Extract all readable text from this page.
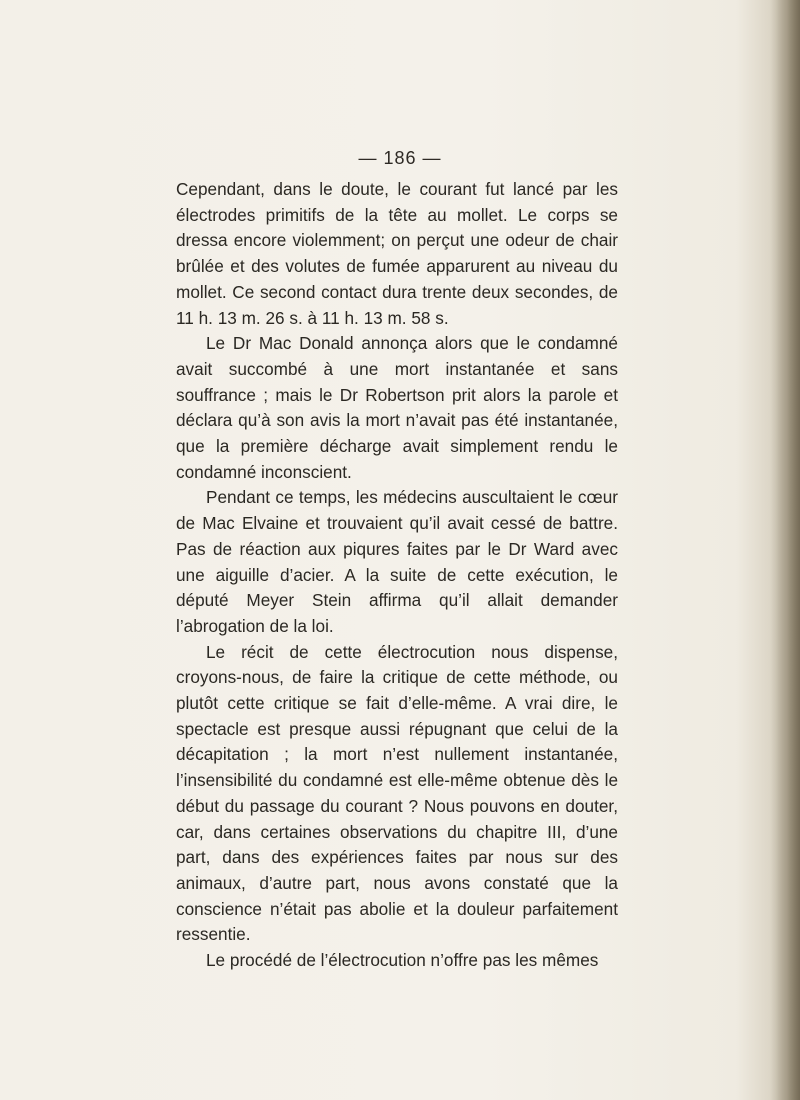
— 186 —

Cependant, dans le doute, le courant fut lancé par les électrodes primitifs de la tête au mollet. Le corps se dressa encore violemment; on perçut une odeur de chair brûlée et des volutes de fumée apparurent au niveau du mollet. Ce second contact dura trente deux secondes, de 11 h. 13 m. 26 s. à 11 h. 13 m. 58 s.

Le Dr Mac Donald annonça alors que le condamné avait succombé à une mort instantanée et sans souffrance ; mais le Dr Robertson prit alors la parole et déclara qu’à son avis la mort n’avait pas été instantanée, que la première décharge avait simplement rendu le condamné inconscient.

Pendant ce temps, les médecins auscultaient le cœur de Mac Elvaine et trouvaient qu’il avait cessé de battre. Pas de réaction aux piqures faites par le Dr Ward avec une aiguille d’acier. A la suite de cette exécution, le député Meyer Stein affirma qu’il allait demander l’abrogation de la loi.

Le récit de cette électrocution nous dispense, croyons-nous, de faire la critique de cette méthode, ou plutôt cette critique se fait d’elle-même. A vrai dire, le spectacle est presque aussi répugnant que celui de la décapitation ; la mort n’est nullement instantanée, l’insensibilité du condamné est elle-même obtenue dès le début du passage du courant ? Nous pouvons en douter, car, dans certaines observations du chapitre III, d’une part, dans des expériences faites par nous sur des animaux, d’autre part, nous avons constaté que la conscience n’était pas abolie et la douleur parfaitement ressentie.

Le procédé de l’électrocution n’offre pas les mêmes
